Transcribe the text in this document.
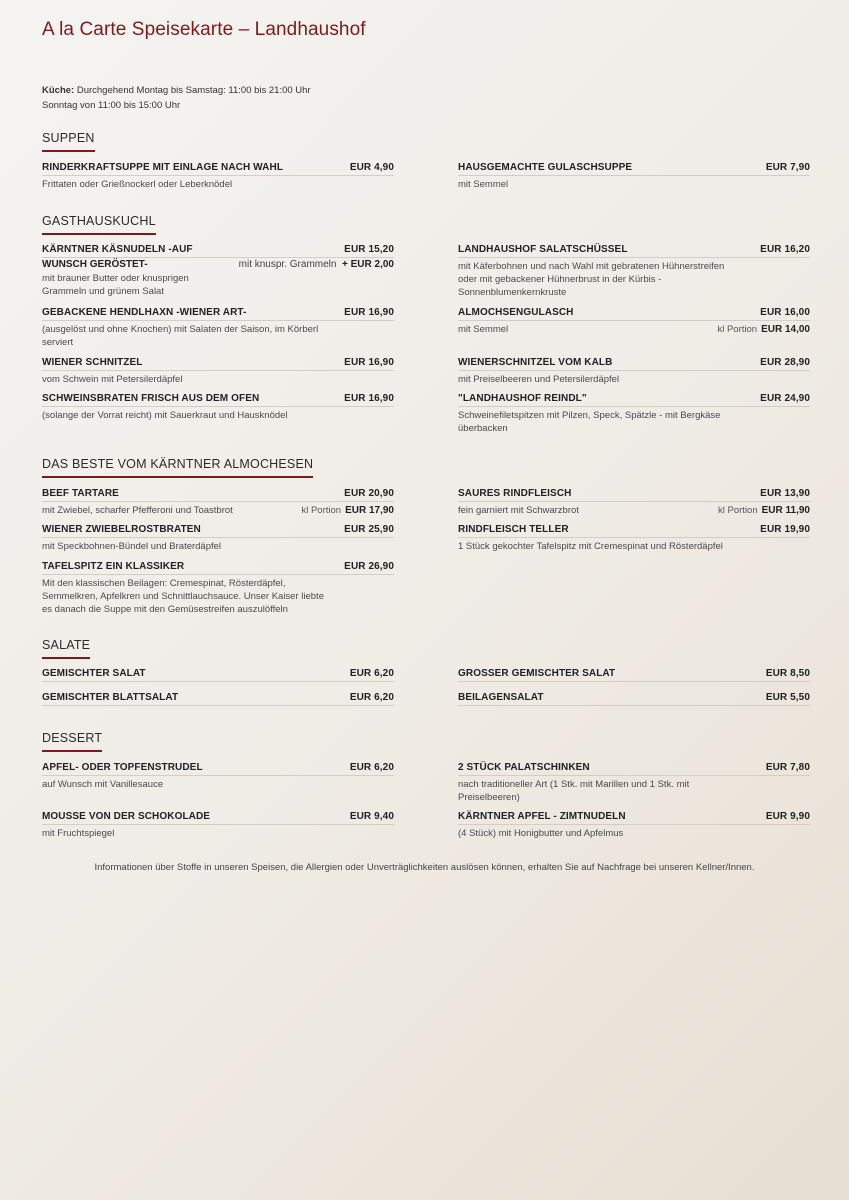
A la Carte Speisekarte – Landhaushof
Küche: Durchgehend Montag bis Samstag: 11:00 bis 21:00 Uhr
Sonntag von 11:00 bis 15:00 Uhr
SUPPEN
RINDERKRAFTSUPPE MIT EINLAGE NACH WAHL	EUR 4,90
Frittaten oder Grießnockerl oder Leberknödel
HAUSGEMACHTE GULASCHSUPPE	EUR 7,90
mit Semmel
GASTHAUSKUCHL
KÄRNTNER KÄSNUDELN -AUF	EUR 15,20
WUNSCH GERÖSTET-	mit knuspr. Grammeln + EUR 2,00
mit brauner Butter oder knusprigen Grammeln und grünem Salat
LANDHAUSHOF SALATSCHÜSSEL	EUR 16,20
mit Käferbohnen und nach Wahl mit gebratenen Hühnerstreifen oder mit gebackener Hühnerbrust in der Kürbis - Sonnenblumenkernkruste
GEBACKENE HENDLHAXN -WIENER ART-	EUR 16,90
(ausgelöst und ohne Knochen) mit Salaten der Saison, im Körberl serviert
ALMOCHSENGULASCH	EUR 16,00
mit Semmel	kl Portion EUR 14,00
WIENER SCHNITZEL	EUR 16,90
vom Schwein mit Petersilerdäpfel
WIENERSCHNITZEL VOM KALB	EUR 28,90
mit Preiselbeeren und Petersilerdäpfel
SCHWEINSBRATEN FRISCH AUS DEM OFEN	EUR 16,90
(solange der Vorrat reicht) mit Sauerkraut und Hausknödel
"LANDHAUSHOF REINDL"	EUR 24,90
Schweinefiletspitzen mit Pilzen, Speck, Spätzle - mit Bergkäse überbacken
DAS BESTE VOM KÄRNTNER ALMOCHESEN
BEEF TARTARE	EUR 20,90
mit Zwiebel, scharfer Pfefferoni und Toastbrot	kl Portion EUR 17,90
SAURES RINDFLEISCH	EUR 13,90
fein garniert mit Schwarzbrot	kl Portion EUR 11,90
WIENER ZWIEBELROSTBRATEN	EUR 25,90
mit Speckbohnen-Bündel und Braterdäpfel
RINDFLEISCH TELLER	EUR 19,90
1 Stück gekochter Tafelspitz mit Cremespinat und Rösterdäpfel
TAFELSPITZ EIN KLASSIKER	EUR 26,90
Mit den klassischen Beilagen: Cremespinat, Rösterdäpfel, Semmelkren, Apfelkren und Schnittlauchsauce. Unser Kaiser liebte es danach die Suppe mit den Gemüsestreifen auszulöffeln
SALATE
GEMISCHTER SALAT	EUR 6,20	GROSSER GEMISCHTER SALAT	EUR 8,50
GEMISCHTER BLATTSALAT	EUR 6,20	BEILAGENSALAT	EUR 5,50
DESSERT
APFEL- ODER TOPFENSTRUDEL	EUR 6,20
auf Wunsch mit Vanillesauce
2 STÜCK PALATSCHINKEN	EUR 7,80
nach traditioneller Art (1 Stk. mit Marillen und 1 Stk. mit Preiselbeeren)
MOUSSE VON DER SCHOKOLADE	EUR 9,40
mit Fruchtspiegel
KÄRNTNER APFEL - ZIMTNUDELN	EUR 9,90
(4 Stück) mit Honigbutter und Apfelmus
Informationen über Stoffe in unseren Speisen, die Allergien oder Unverträglichkeiten auslösen können, erhalten Sie auf Nachfrage bei unseren Kellner/Innen.
